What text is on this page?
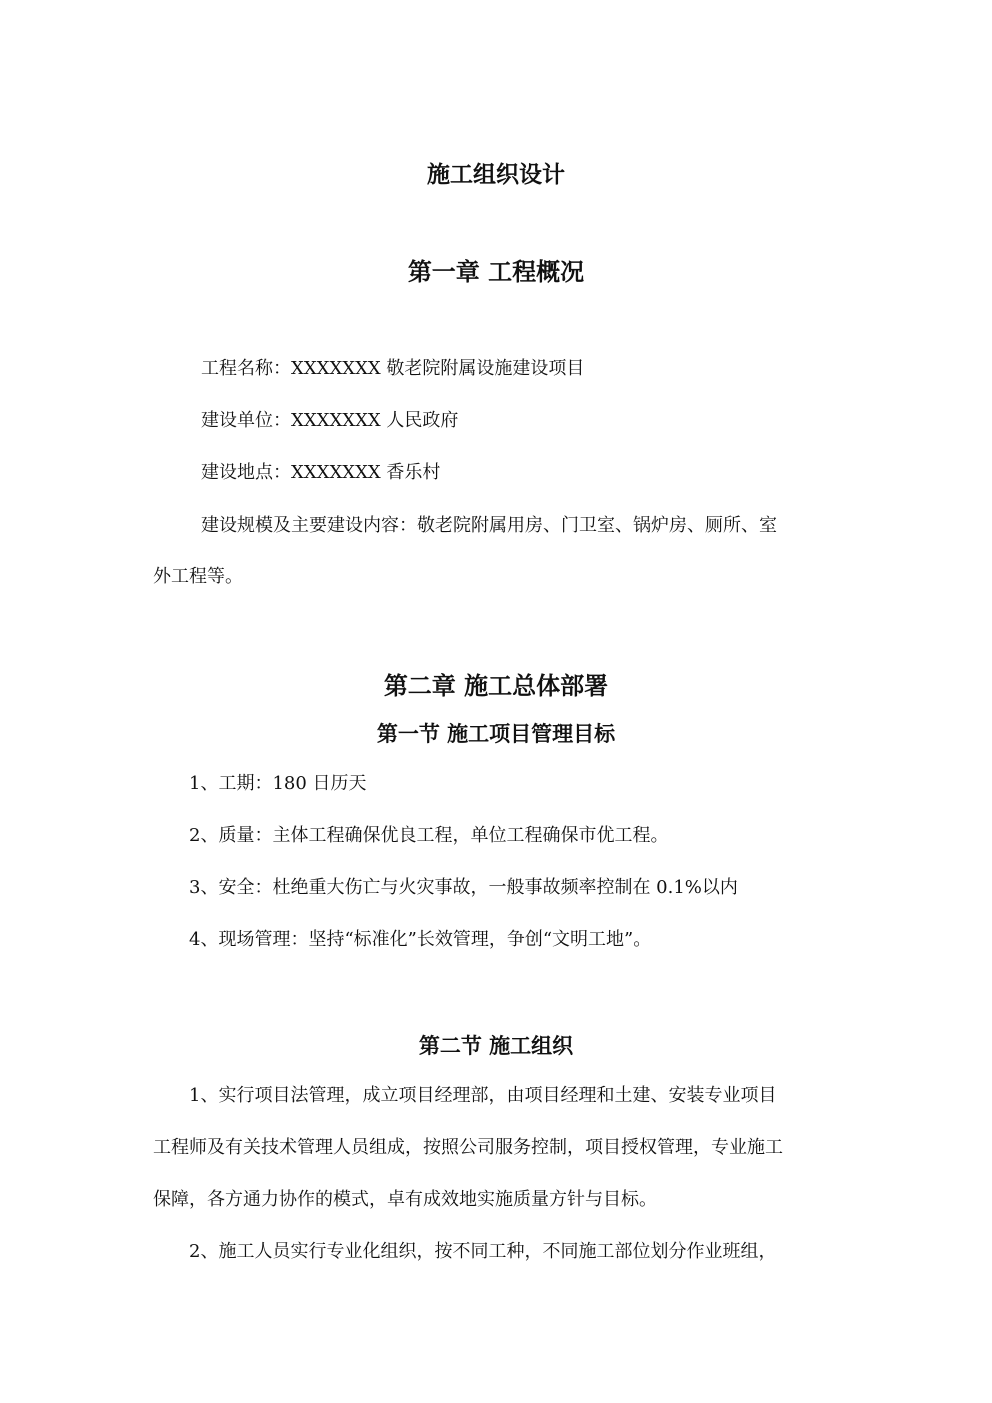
施工组织设计
第一章 工程概况

工程名称：XXXXXXX 敬老院附属设施建设项目

建设单位：XXXXXXX 人民政府

建设地点：XXXXXXX 香乐村

建设规模及主要建设内容：敬老院附属用房、门卫室、锅炉房、厕所、室

外工程等。

第二章 施工总体部署
第一节 施工项目管理目标

1、工期：180 日历天

2、质量：主体工程确保优良工程，单位工程确保市优工程。

3、安全：杜绝重大伤亡与火灾事故，一般事故频率控制在 0.1%以内

4、现场管理：坚持“标准化”长效管理，争创“文明工地”。

第二节 施工组织

1、实行项目法管理，成立项目经理部，由项目经理和土建、安装专业项目

工程师及有关技术管理人员组成，按照公司服务控制，项目授权管理，专业施工

保障，各方通力协作的模式，卓有成效地实施质量方针与目标。

2、施工人员实行专业化组织，按不同工种，不同施工部位划分作业班组，
